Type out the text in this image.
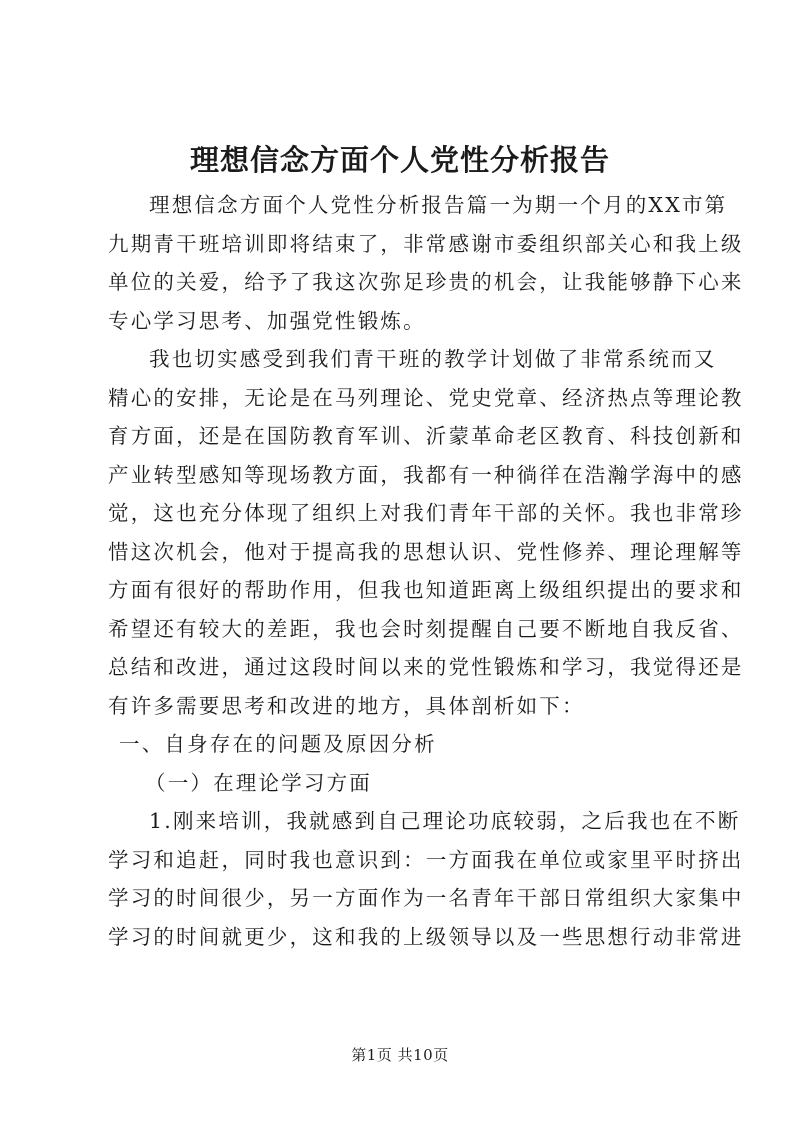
理想信念方面个人党性分析报告

理想信念方面个人党性分析报告篇一为期一个月的XX市第
九期青干班培训即将结束了，非常感谢市委组织部关心和我上级
单位的关爱，给予了我这次弥足珍贵的机会，让我能够静下心来
专心学习思考、加强党性锻炼。

我也切实感受到我们青干班的教学计划做了非常系统而又
精心的安排，无论是在马列理论、党史党章、经济热点等理论教
育方面，还是在国防教育军训、沂蒙革命老区教育、科技创新和
产业转型感知等现场教方面，我都有一种徜徉在浩瀚学海中的感
觉，这也充分体现了组织上对我们青年干部的关怀。我也非常珍
惜这次机会，他对于提高我的思想认识、党性修养、理论理解等
方面有很好的帮助作用，但我也知道距离上级组织提出的要求和
希望还有较大的差距，我也会时刻提醒自己要不断地自我反省、
总结和改进，通过这段时间以来的党性锻炼和学习，我觉得还是
有许多需要思考和改进的地方，具体剖析如下：

一、自身存在的问题及原因分析

（一）在理论学习方面

1.刚来培训，我就感到自己理论功底较弱，之后我也在不断
学习和追赶，同时我也意识到：一方面我在单位或家里平时挤出
学习的时间很少，另一方面作为一名青年干部日常组织大家集中
学习的时间就更少，这和我的上级领导以及一些思想行动非常进

第1页 共10页
